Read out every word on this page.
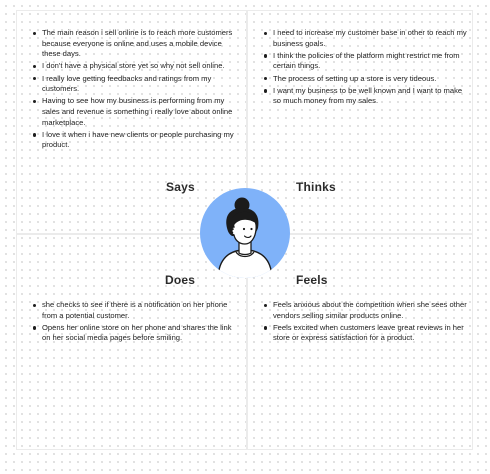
The main reason i sell online is to reach more customers because everyone is online and uses a mobile device these days.
I don't have a physical store yet so why not sell online.
I really love getting feedbacks and ratings from my customers.
Having to see how my business is performing from my sales and revenue is something i really love about online marketplace.
I love it when i have new clients or people purchasing my product.
I need to increase my customer base in other to reach my business goals.
I think the policies of the platform might restrict me from certain things.
The process of setting up a store is very tideous.
I want my business to be well known and I want to make so much money from my sales.
she checks to see if there is a notification on her phone from a potential customer.
Opens her online store on her phone and shares the link on her social media pages before smiling.
Feels anxious about the competition when she sees other vendors selling similar products online.
Feels excited when customers leave great reviews in her store or express satisfaction for a product.
Says	Thinks
Does	Feels
